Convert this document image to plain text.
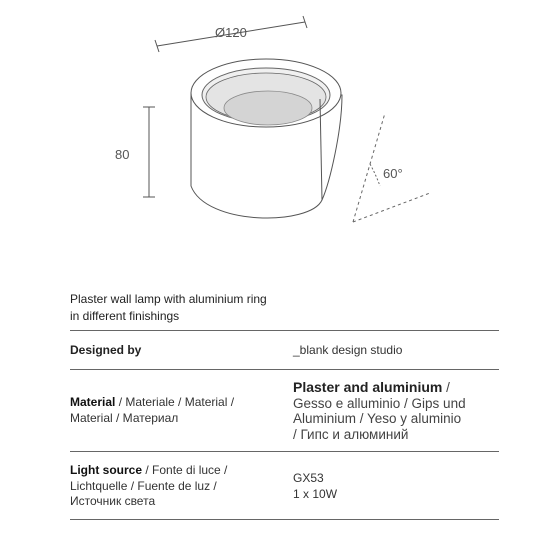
Ø120
80
60°
Plaster wall lamp with aluminium ring
in different finishings
Designed by	_blank design studio
Material / Materiale / Material /
Material / Материал
Plaster and aluminium /
Gesso e alluminio / Gips und
Aluminium / Yeso y aluminio
/ Гипс и алюминий
Light source / Fonte di luce /
Lichtquelle / Fuente de luz /
Источник света
GX53
1 x 10W
